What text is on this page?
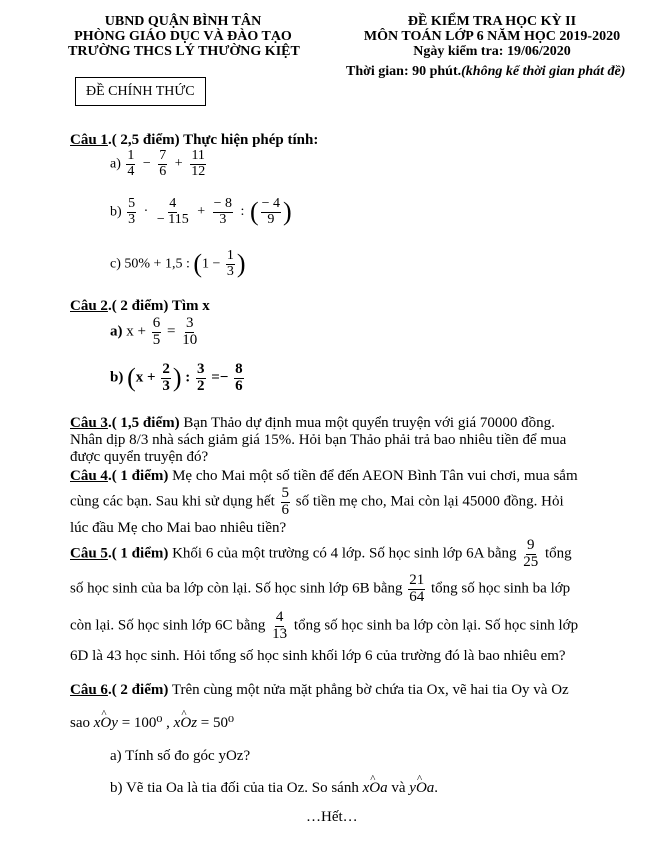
UBND QUẬN BÌNH TÂN
PHÒNG GIÁO DỤC VÀ ĐÀO TẠO
TRƯỜNG THCS LÝ THƯỜNG KIỆT
ĐỀ KIỂM TRA HỌC KỲ II
MÔN TOÁN LỚP 6 NĂM HỌC 2019-2020
Ngày kiểm tra: 19/06/2020
Thời gian: 90 phút.(không kể thời gian phát đề)
ĐỀ CHÍNH THỨC
Câu 1.( 2,5 điểm) Thực hiện phép tính:
$a) \frac{1}{4} - \frac{7}{6} + \frac{11}{12}$
$b) \frac{5}{3} \cdot \frac{4}{- 115} + \frac{- 8}{3}$ : ( $\frac{- 4}{9}$ )
c) 50% + 1,5 : ($1 - \frac{1}{3}$ )
Câu 2.( 2 điểm) Tìm x
a) $x + \frac{6}{5} = \frac{3}{10}$
b) ($x + \frac{2}{3}$ ) : $\frac{3}{2} =- \frac{8}{6}$
Câu 3.( 1,5 điểm) Bạn Thảo dự định mua một quyển truyện với giá 70000 đồng.
Nhân dịp 8/3 nhà sách giảm giá 15%. Hỏi bạn Thảo phải trả bao nhiêu tiền để mua
được quyển truyện đó?
Câu 4.( 1 điểm) Mẹ cho Mai một số tiền để đến AEON Bình Tân vui chơi, mua sắm
cùng các bạn. Sau khi sử dụng hết $\frac{5}{6}$ số tiền mẹ cho, Mai còn lại 45000 đồng. Hỏi
lúc đầu Mẹ cho Mai bao nhiêu tiền?
Câu 5.( 1 điểm) Khối 6 của một trường có 4 lớp. Số học sinh lớp 6A bằng $\frac{9}{25}$ tổng
số học sinh của ba lớp còn lại. Số học sinh lớp 6B bằng $\frac{21}{64}$ tổng số học sinh ba lớp
còn lại. Số học sinh lớp 6C bằng $\frac{4}{13}$ tổng số học sinh ba lớp còn lại. Số học sinh lớp
6D là 43 học sinh. Hỏi tổng số học sinh khối lớp 6 của trường đó là bao nhiêu em?
Câu 6.( 2 điểm) Trên cùng một nửa mặt phẳng bờ chứa tia Ox, vẽ hai tia Oy và Oz
sao x^ Oy = 100⁰ , x^ Oz = 50⁰
a) Tính số đo góc yOz?
b) Vẽ tia Oa là tia đối của tia Oz. So sánh x^ Oa và y^ Oa.
…Hết…
